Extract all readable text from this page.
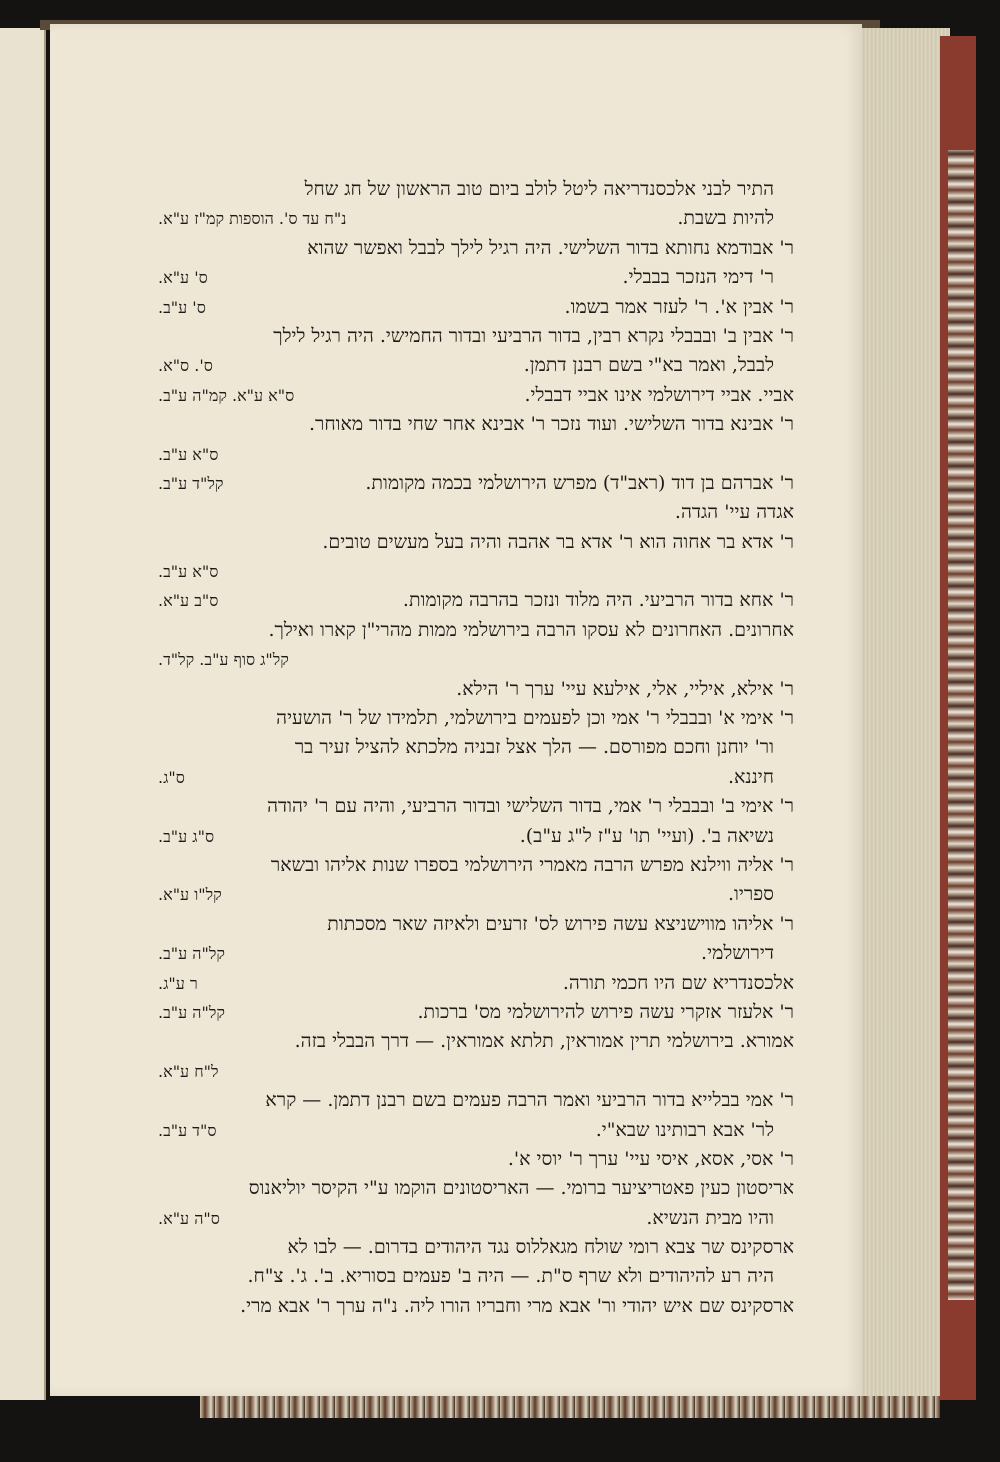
התיר לבני אלכסנדריאה ליטל לולב ביום טוב הראשון של חג שחל
להיות בשבת.
נ"ח עד ס'. הוספות קמ"ז ע"א.
ר' אבודמא נחותא בדור השלישי. היה רגיל לילך לבבל ואפשר שהוא
ר' דימי הנזכר בבבלי.
ס' ע"א.
ר' אבין א'. ר' לעזר אמר בשמו.
ס' ע"ב.
ר' אבין ב' ובבבלי נקרא רבין, בדור הרביעי ובדור החמישי. היה רגיל לילך
לבבל, ואמר בא"י בשם רבנן דתמן.
ס'. ס"א.
אביי. אביי דירושלמי אינו אביי דבבלי.
ס"א ע"א. קמ"ה ע"ב.
ר' אבינא בדור השלישי. ועוד נזכר ר' אבינא אחר שחי בדור מאוחר.
ס"א ע"ב.
ר' אברהם בן דוד (ראב"ד) מפרש הירושלמי בכמה מקומות.
קל"ד ע"ב.
אגדה עיי' הגדה.
ר' אדא בר אחוה הוא ר' אדא בר אהבה והיה בעל מעשים טובים.
ס"א ע"ב.
ר' אחא בדור הרביעי. היה מלוד ונזכר בהרבה מקומות.
ס"ב ע"א.
אחרונים. האחרונים לא עסקו הרבה בירושלמי ממות מהרי"ן קארו ואילך.
קל"ג סוף ע"ב. קל"ד.
ר' אילא, איליי, אלי, אילעא עיי' ערך ר' הילא.
ר' אימי א' ובבבלי ר' אמי וכן לפעמים בירושלמי, תלמידו של ר' הושעיה
ור' יוחנן וחכם מפורסם. — הלך אצל זבניה מלכתא להציל זעיר בר
חיננא.
ס"ג.
ר' אימי ב' ובבבלי ר' אמי, בדור השלישי ובדור הרביעי, והיה עם ר' יהודה
נשיאה ב'. (ועיי' תו' ע"ז ל"ג ע"ב).
ס"ג ע"ב.
ר' אליה ווילנא מפרש הרבה מאמרי הירושלמי בספרו שנות אליהו ובשאר
ספריו.
קל"ו ע"א.
ר' אליהו מווישניצא עשה פירוש לס' זרעים ולאיזה שאר מסכתות
דירושלמי.
קל"ה ע"ב.
אלכסנדריא שם היו חכמי תורה.
ר ע"ג.
ר' אלעזר אזקרי עשה פירוש להירושלמי מס' ברכות.
קל"ה ע"ב.
אמורא. בירושלמי תרין אמוראין, תלתא אמוראין. — דרך הבבלי בזה.
ל"ח ע"א.
ר' אמי בבלייא בדור הרביעי ואמר הרבה פעמים בשם רבנן דתמן. — קרא
לר' אבא רבותינו שבא"י.
ס"ד ע"ב.
ר' אסי, אסא, איסי עיי' ערך ר' יוסי א'.
אריסטון כעין פאטריציער ברומי. — האריסטונים הוקמו ע"י הקיסר יוליאנוס
והיו מבית הנשיא.
ס"ה ע"א.
ארסקינס שר צבא רומי שולח מגאללוס נגד היהודים בדרום. — לבו לא
היה רע להיהודים ולא שרף ס"ת. — היה ב' פעמים בסוריא. ב'. ג'. צ"ח.
ארסקינס שם איש יהודי ור' אבא מרי וחבריו הורו ליה. נ"ה ערך ר' אבא מרי.
